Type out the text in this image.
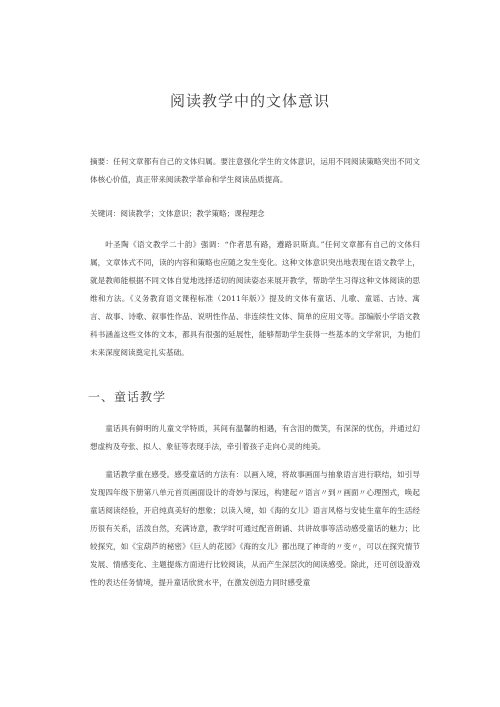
阅读教学中的文体意识
摘要：任何文章都有自己的文体归属。要注意强化学生的文体意识，运用不同阅读策略突出不同文体核心价值，真正带来阅读教学革命和学生阅读品质提高。
关键词：阅读教学；文体意识；教学策略；课程理念
叶圣陶《语文教学二十韵》强调：“作者思有路，遵路识斯真。”任何文章都有自己的文体归属，文章体式不同，读的内容和策略也应随之发生变化。这种文体意识突出地表现在语文教学上，就是教师能根据不同文体自觉地选择适切的阅读姿态来展开教学，帮助学生习得这种文体阅读的思维和方法。《义务教育语文课程标准（2011年版）》提及的文体有童话、儿歌、童谣、古诗、寓言、故事、诗歌、叙事性作品、说明性作品、非连续性文体、简单的应用文等。部编版小学语文教科书涵盖这些文体的文本，都具有很强的延展性，能够帮助学生获得一些基本的文学常识，为他们未来深度阅读奠定扎实基础。
一、童话教学
童话具有鲜明的儿童文学特质，其间有温馨的相遇，有含泪的微笑，有深深的忧伤，并通过幻想虚构及夸张、拟人、象征等表现手法，牵引着孩子走向心灵的纯美。
童话教学重在感受。感受童话的方法有：以画入境，将故事画面与抽象语言进行联结，如引导发现四年级下册第八单元首页画面设计的奇妙与深远，构建起〃语言〃到〃画面〃心理图式，唤起童话阅读经验，开启纯真美好的想象；以读入境，如《海的女儿》语言风格与安徒生童年的生活经历很有关系，活泼自然，充满诗意，教学时可通过配音朗诵、共讲故事等活动感受童话的魅力；比较探究，如《宝葫芦的秘密》《巨人的花园》《海的女儿》都出现了神奇的〃变〃，可以在探究情节发展、情感变化、主题提炼方面进行比较阅读，从而产生深层次的阅读感受。除此，还可创设游戏性的表达任务情境，提升童话欣赏水平，在激发创造力同时感受童
